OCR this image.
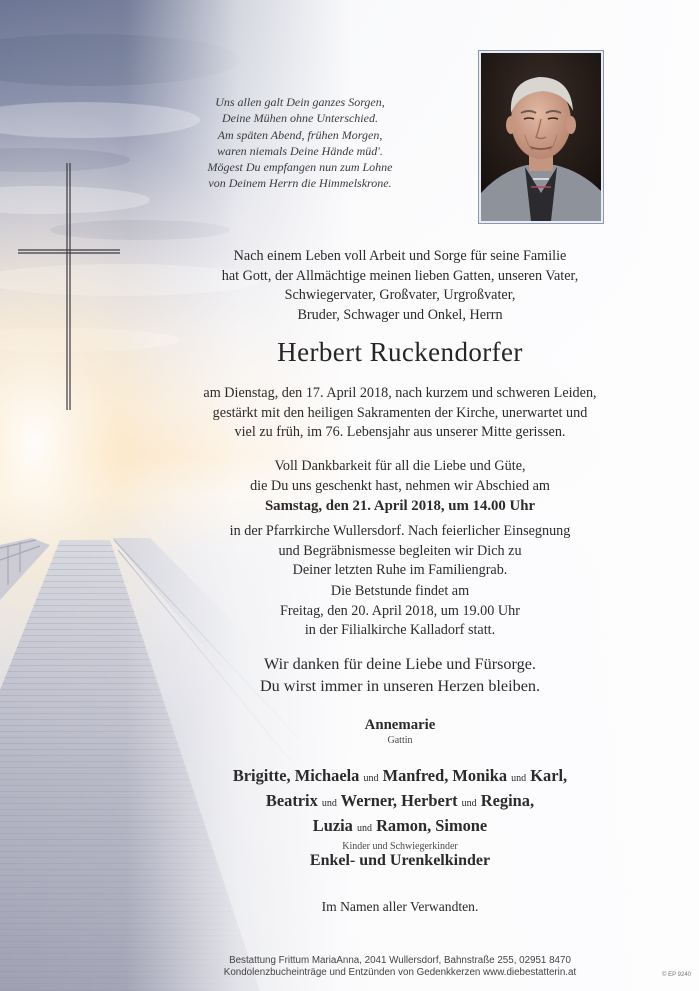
Uns allen galt Dein ganzes Sorgen,
Deine Mühen ohne Unterschied.
Am späten Abend, frühen Morgen,
waren niemals Deine Hände müd'.
Mögest Du empfangen nun zum Lohne
von Deinem Herrn die Himmelskrone.
Nach einem Leben voll Arbeit und Sorge für seine Familie
hat Gott, der Allmächtige meinen lieben Gatten, unseren Vater,
Schwiegervater, Großvater, Urgroßvater,
Bruder, Schwager und Onkel, Herrn
Herbert Ruckendorfer
am Dienstag, den 17. April 2018, nach kurzem und schweren Leiden,
gestärkt mit den heiligen Sakramenten der Kirche, unerwartet und
viel zu früh, im 76. Lebensjahr aus unserer Mitte gerissen.
Voll Dankbarkeit für all die Liebe und Güte,
die Du uns geschenkt hast, nehmen wir Abschied am
Samstag, den 21. April 2018, um 14.00 Uhr
in der Pfarrkirche Wullersdorf. Nach feierlicher Einsegnung
und Begräbnismesse begleiten wir Dich zu
Deiner letzten Ruhe im Familiengrab.
Die Betstunde findet am
Freitag, den 20. April 2018, um 19.00 Uhr
in der Filialkirche Kalladorf statt.
Wir danken für deine Liebe und Fürsorge.
Du wirst immer in unseren Herzen bleiben.
Annemarie
Gattin
Brigitte, Michaela und Manfred, Monika und Karl,
Beatrix und Werner, Herbert und Regina,
Luzia und Ramon, Simone
Kinder und Schwiegerkinder
Enkel- und Urenkelkinder
Im Namen aller Verwandten.
Bestattung Frittum MariaAnna, 2041 Wullersdorf, Bahnstraße 255, 02951 8470
Kondolenzbucheinträge und Entzünden von Gedenkkerzen www.diebestatterin.at	© EP 9240
